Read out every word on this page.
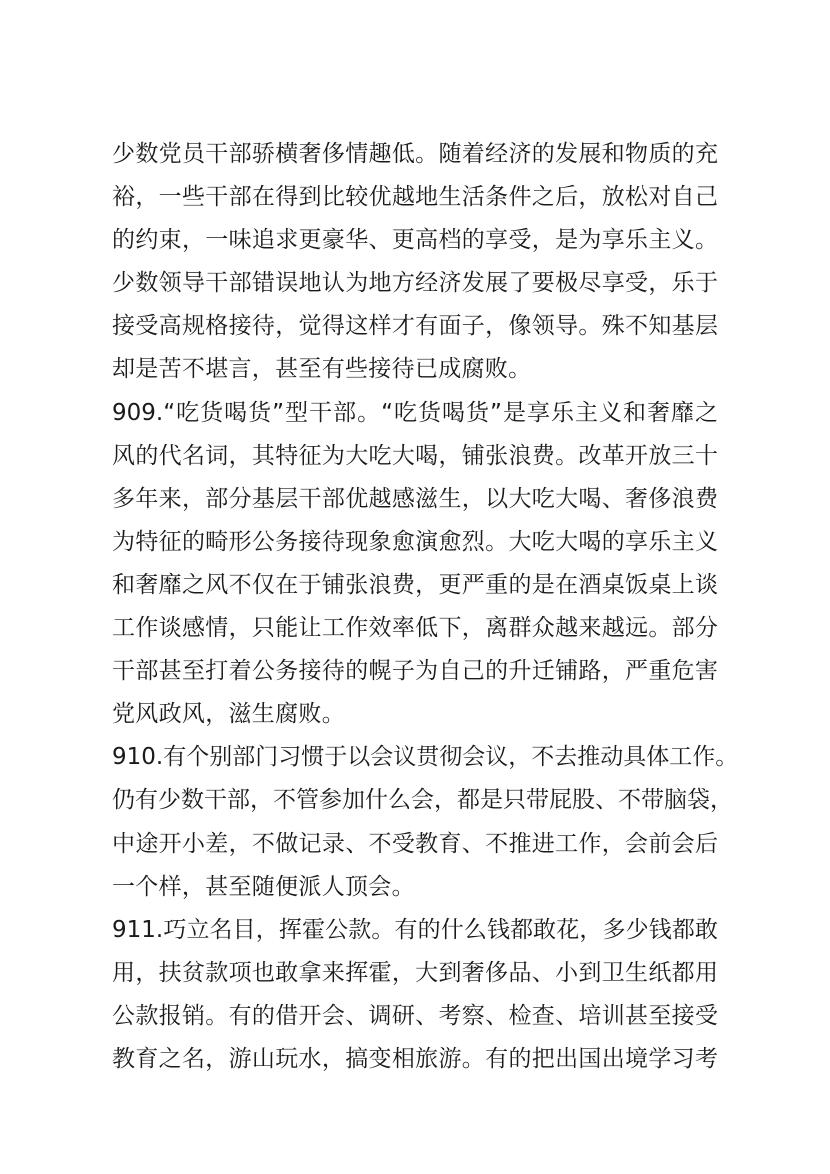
少数党员干部骄横奢侈情趣低。随着经济的发展和物质的充
裕，一些干部在得到比较优越地生活条件之后，放松对自己
的约束，一味追求更豪华、更高档的享受，是为享乐主义。
少数领导干部错误地认为地方经济发展了要极尽享受，乐于
接受高规格接待，觉得这样才有面子，像领导。殊不知基层
却是苦不堪言，甚至有些接待已成腐败。
909.“吃货喝货”型干部。“吃货喝货”是享乐主义和奢靡之
风的代名词，其特征为大吃大喝，铺张浪费。改革开放三十
多年来，部分基层干部优越感滋生，以大吃大喝、奢侈浪费
为特征的畸形公务接待现象愈演愈烈。大吃大喝的享乐主义
和奢靡之风不仅在于铺张浪费，更严重的是在酒桌饭桌上谈
工作谈感情，只能让工作效率低下，离群众越来越远。部分
干部甚至打着公务接待的幌子为自己的升迁铺路，严重危害
党风政风，滋生腐败。
910.有个别部门习惯于以会议贯彻会议，不去推动具体工作。
仍有少数干部，不管参加什么会，都是只带屁股、不带脑袋，
中途开小差，不做记录、不受教育、不推进工作，会前会后
一个样，甚至随便派人顶会。
911.巧立名目，挥霍公款。有的什么钱都敢花，多少钱都敢
用，扶贫款项也敢拿来挥霍，大到奢侈品、小到卫生纸都用
公款报销。有的借开会、调研、考察、检查、培训甚至接受
教育之名，游山玩水，搞变相旅游。有的把出国出境学习考
